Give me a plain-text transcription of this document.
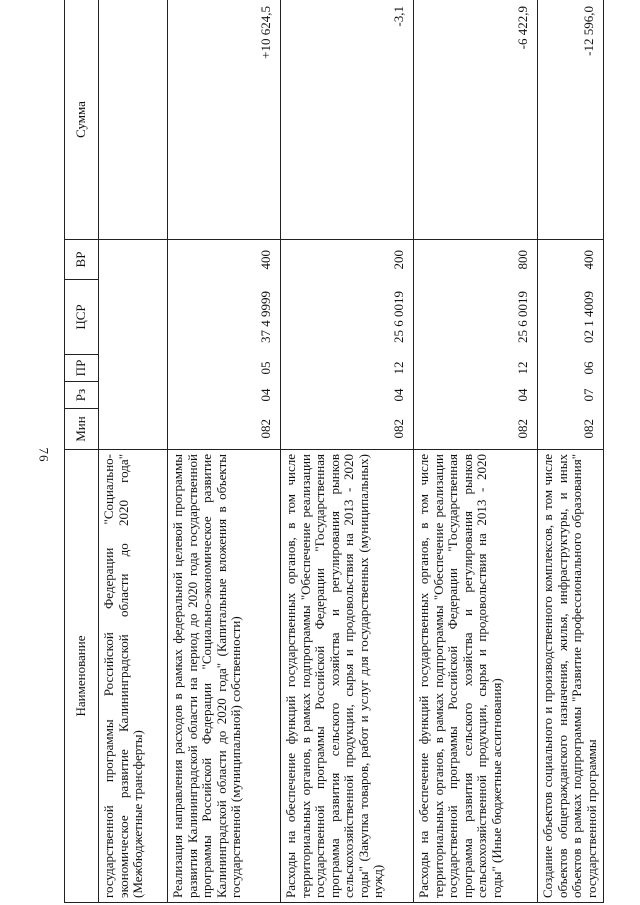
76
Наименование	Мин	Рз	ПР	ЦСР	ВР	Сумма
государственной программы Российской Федерации "Социально-экономическое развитие Калининградской области до 2020 года" (Межбюджетные трансферты)						
Реализация направления расходов в рамках федеральной целевой программы развития Калининградской области на период до 2020 года государственной программы Российской Федерации "Социально-экономическое развитие Калининградской области до 2020 года" (Капитальные вложения в объекты государственной (муниципальной) собственности)	082	04	05	37 4 9999	400	+10 624,5
Расходы на обеспечение функций государственных органов, в том числе территориальных органов, в рамках подпрограммы "Обеспечение реализации государственной программы Российской Федерации "Государственная программа развития сельского хозяйства и регулирования рынков сельскохозяйственной продукции, сырья и продовольствия на 2013 - 2020 годы" (Закупка товаров, работ и услуг для государственных (муниципальных) нужд)	082	04	12	25 6 0019	200	-3,1
Расходы на обеспечение функций государственных органов, в том числе территориальных органов, в рамках подпрограммы "Обеспечение реализации государственной программы Российской Федерации "Государственная программа развития сельского хозяйства и регулирования рынков сельскохозяйственной продукции, сырья и продовольствия на 2013 - 2020 годы" (Иные бюджетные ассигнования)	082	04	12	25 6 0019	800	-6 422,9
Создание объектов социального и производственного комплексов, в том числе объектов общегражданского назначения, жилья, инфраструктуры, и иных объектов в рамках подпрограммы "Развитие профессионального образования" государственной программы	082	07	06	02 1 4009	400	-12 596,0
